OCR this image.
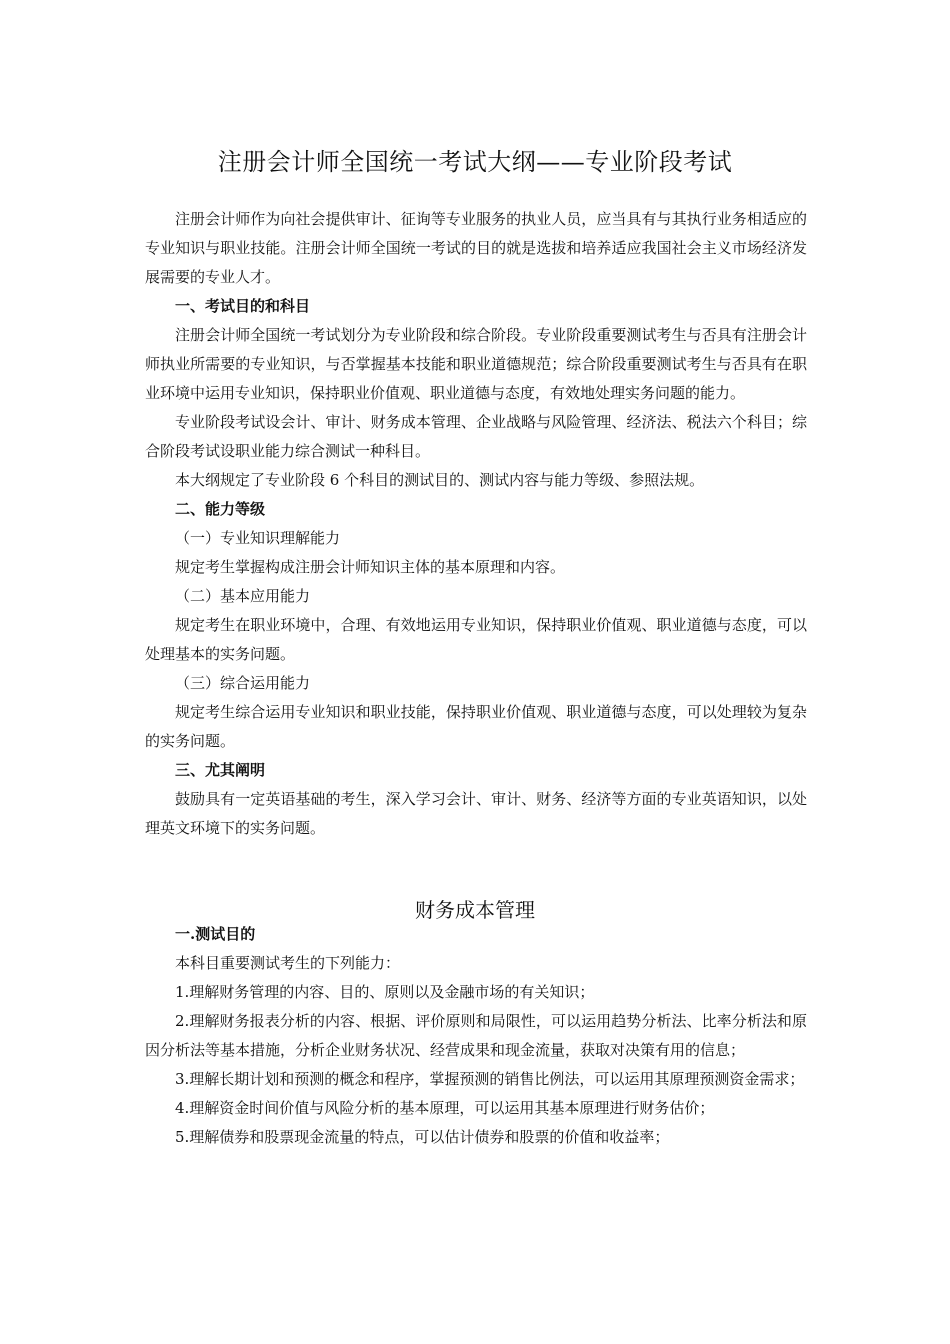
注册会计师全国统一考试大纲——专业阶段考试

注册会计师作为向社会提供审计、征询等专业服务的执业人员，应当具有与其执行业务相适应的专业知识与职业技能。注册会计师全国统一考试的目的就是选拔和培养适应我国社会主义市场经济发展需要的专业人才。

一、考试目的和科目

注册会计师全国统一考试划分为专业阶段和综合阶段。专业阶段重要测试考生与否具有注册会计师执业所需要的专业知识，与否掌握基本技能和职业道德规范；综合阶段重要测试考生与否具有在职业环境中运用专业知识，保持职业价值观、职业道德与态度，有效地处理实务问题的能力。

专业阶段考试设会计、审计、财务成本管理、企业战略与风险管理、经济法、税法六个科目；综合阶段考试设职业能力综合测试一种科目。

本大纲规定了专业阶段 6 个科目的测试目的、测试内容与能力等级、参照法规。

二、能力等级

（一）专业知识理解能力

规定考生掌握构成注册会计师知识主体的基本原理和内容。

（二）基本应用能力

规定考生在职业环境中，合理、有效地运用专业知识，保持职业价值观、职业道德与态度，可以处理基本的实务问题。

（三）综合运用能力

规定考生综合运用专业知识和职业技能，保持职业价值观、职业道德与态度，可以处理较为复杂的实务问题。

三、尤其阐明

鼓励具有一定英语基础的考生，深入学习会计、审计、财务、经济等方面的专业英语知识，以处理英文环境下的实务问题。

财务成本管理

一.测试目的

本科目重要测试考生的下列能力：

1.理解财务管理的内容、目的、原则以及金融市场的有关知识；

2.理解财务报表分析的内容、根据、评价原则和局限性，可以运用趋势分析法、比率分析法和原因分析法等基本措施，分析企业财务状况、经营成果和现金流量，获取对决策有用的信息；

3.理解长期计划和预测的概念和程序，掌握预测的销售比例法，可以运用其原理预测资金需求；

4.理解资金时间价值与风险分析的基本原理，可以运用其基本原理进行财务估价；

5.理解债券和股票现金流量的特点，可以估计债券和股票的价值和收益率；
